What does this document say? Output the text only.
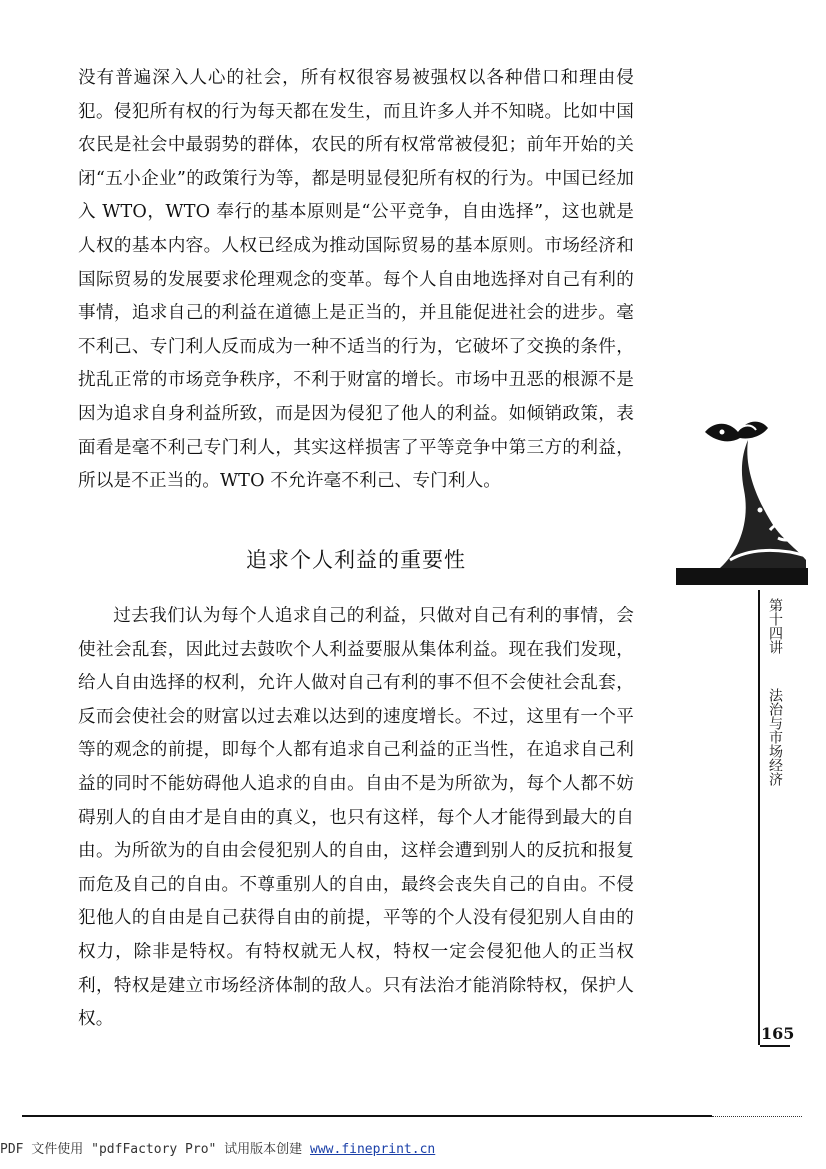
没有普遍深入人心的社会，所有权很容易被强权以各种借口和理由侵犯。侵犯所有权的行为每天都在发生，而且许多人并不知晓。比如中国农民是社会中最弱势的群体，农民的所有权常常被侵犯；前年开始的关闭“五小企业”的政策行为等，都是明显侵犯所有权的行为。中国已经加入 WTO，WTO 奉行的基本原则是“公平竞争，自由选择”，这也就是人权的基本内容。人权已经成为推动国际贸易的基本原则。市场经济和国际贸易的发展要求伦理观念的变革。每个人自由地选择对自己有利的事情，追求自己的利益在道德上是正当的，并且能促进社会的进步。毫不利己、专门利人反而成为一种不适当的行为，它破坏了交换的条件，扰乱正常的市场竞争秩序，不利于财富的增长。市场中丑恶的根源不是因为追求自身利益所致，而是因为侵犯了他人的利益。如倾销政策，表面看是毫不利己专门利人，其实这样损害了平等竞争中第三方的利益，所以是不正当的。WTO 不允许毫不利己、专门利人。

追求个人利益的重要性

过去我们认为每个人追求自己的利益，只做对自己有利的事情，会使社会乱套，因此过去鼓吹个人利益要服从集体利益。现在我们发现，给人自由选择的权利，允许人做对自己有利的事不但不会使社会乱套，反而会使社会的财富以过去难以达到的速度增长。不过，这里有一个平等的观念的前提，即每个人都有追求自己利益的正当性，在追求自己利益的同时不能妨碍他人追求的自由。自由不是为所欲为，每个人都不妨碍别人的自由才是自由的真义，也只有这样，每个人才能得到最大的自由。为所欲为的自由会侵犯别人的自由，这样会遭到别人的反抗和报复而危及自己的自由。不尊重别人的自由，最终会丧失自己的自由。不侵犯他人的自由是自己获得自由的前提，平等的个人没有侵犯别人自由的权力，除非是特权。有特权就无人权，特权一定会侵犯他人的正当权利，特权是建立市场经济体制的敌人。只有法治才能消除特权，保护人权。

第十四讲 法治与市场经济
165
PDF 文件使用 "pdfFactory Pro" 试用版本创建 www.fineprint.cn
